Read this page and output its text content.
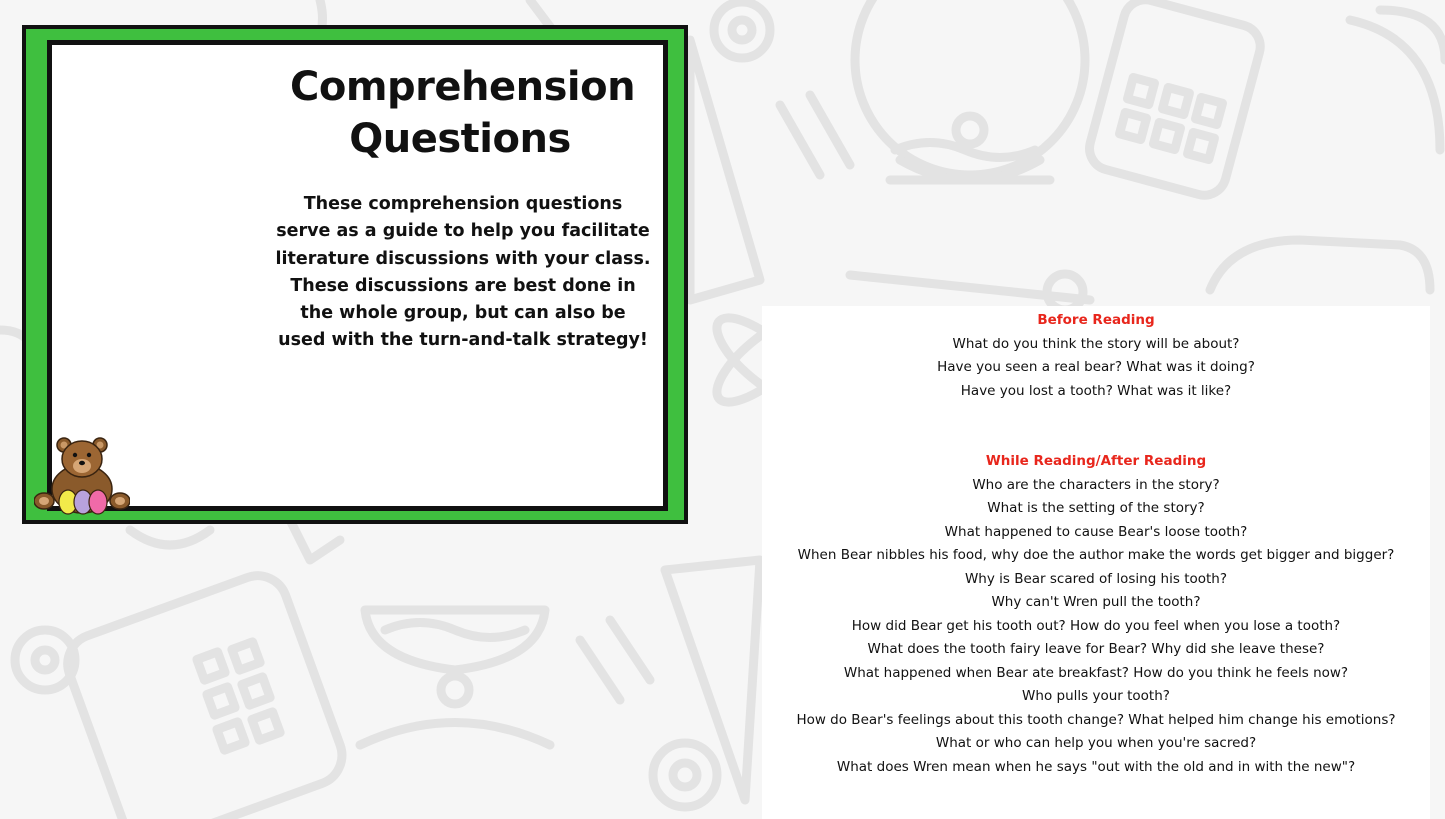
Comprehension Questions

These comprehension questions serve as a guide to help you facilitate literature discussions with your class. These discussions are best done in the whole group, but can also be used with the turn-and-talk strategy!

Before Reading
What do you think the story will be about?
Have you seen a real bear? What was it doing?
Have you lost a tooth? What was it like?
While Reading/After Reading
Who are the characters in the story?
What is the setting of the story?
What happened to cause Bear's loose tooth?
When Bear nibbles his food, why doe the author make the words get bigger and bigger?
Why is Bear scared of losing his tooth?
Why can't Wren pull the tooth?
How did Bear get his tooth out? How do you feel when you lose a tooth?
What does the tooth fairy leave for Bear? Why did she leave these?
What happened when Bear ate breakfast? How do you think he feels now?
Who pulls your tooth?
How do Bear's feelings about this tooth change? What helped him change his emotions?
What or who can help you when you're sacred?
What does Wren mean when he says "out with the old and in with the new"?
